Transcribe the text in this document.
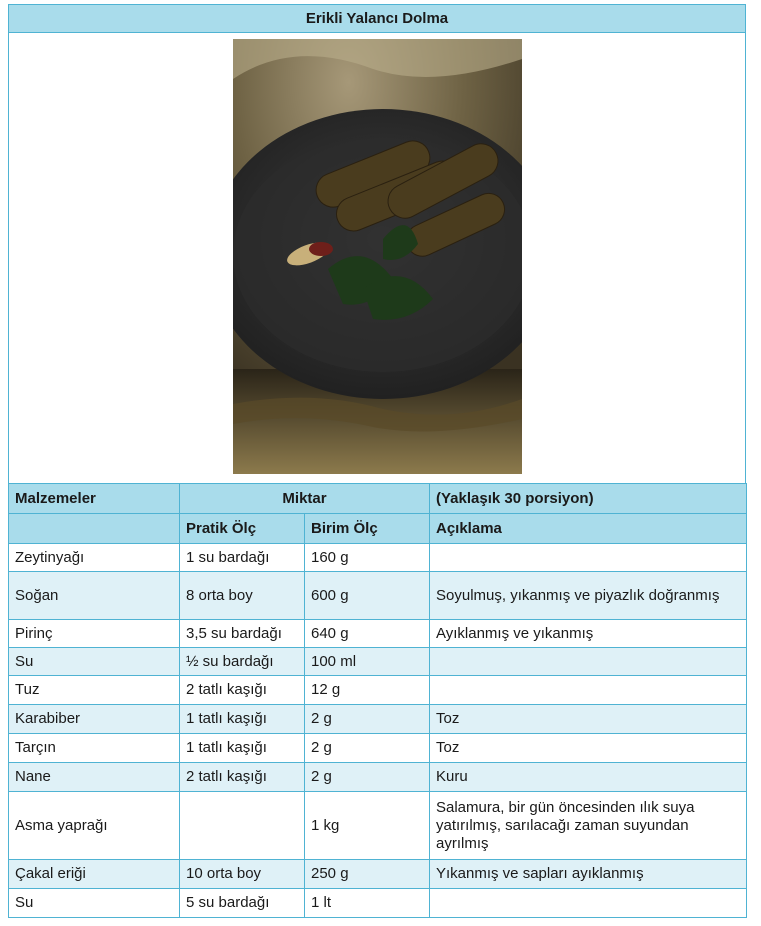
Erikli Yalancı Dolma
Malzemeler	Miktar		(Yaklaşık 30 porsiyon)
	Pratik Ölç	Birim Ölç	Açıklama
Zeytinyağı	1 su bardağı	160 g	
Soğan	8 orta boy	600 g	Soyulmuş, yıkanmış ve piyazlık doğranmış
Pirinç	3,5 su bardağı	640 g	Ayıklanmış ve yıkanmış
Su	½ su bardağı	100 ml	
Tuz	2 tatlı kaşığı	12 g	
Karabiber	1 tatlı kaşığı	2 g	Toz
Tarçın	1 tatlı kaşığı	2 g	Toz
Nane	2 tatlı kaşığı	2 g	Kuru
Asma yaprağı		1 kg	Salamura, bir gün öncesinden ılık suya yatırılmış, sarılacağı zaman suyundan ayrılmış
Çakal eriği	10 orta boy	250 g	Yıkanmış ve sapları ayıklanmış
Su	5 su bardağı	1 lt	
